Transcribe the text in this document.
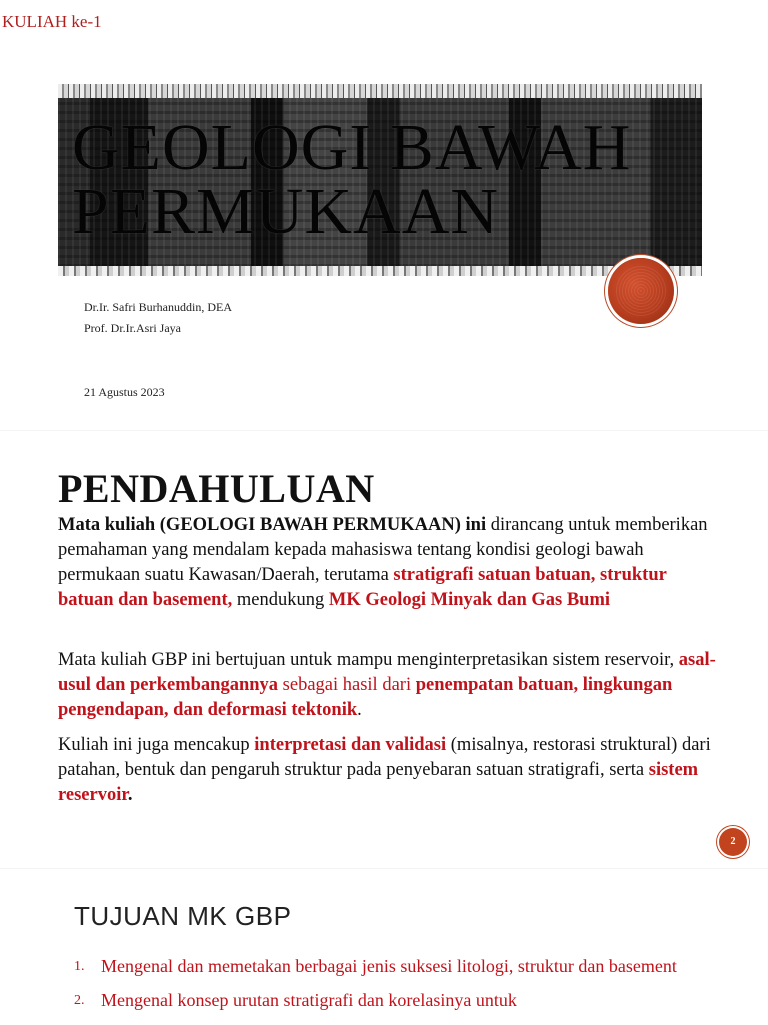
KULIAH ke-1
GEOLOGI BAWAH
PERMUKAAN
Dr.Ir. Safri Burhanuddin, DEA
Prof. Dr.Ir.Asri Jaya
21 Agustus 2023
PENDAHULUAN
Mata kuliah (GEOLOGI BAWAH PERMUKAAN) ini dirancang untuk memberikan pemahaman yang mendalam kepada mahasiswa tentang kondisi geologi bawah permukaan suatu Kawasan/Daerah, terutama stratigrafi satuan batuan, struktur batuan dan basement, mendukung MK Geologi Minyak dan Gas Bumi
Mata kuliah GBP ini bertujuan untuk mampu menginterpretasikan sistem reservoir, asal-usul dan perkembangannya sebagai hasil dari penempatan batuan, lingkungan pengendapan, dan deformasi tektonik.
Kuliah ini juga mencakup interpretasi dan validasi (misalnya, restorasi struktural) dari patahan, bentuk dan pengaruh struktur pada penyebaran satuan stratigrafi, serta sistem reservoir.
2
TUJUAN MK GBP
1. Mengenal dan memetakan berbagai jenis suksesi litologi, struktur dan basement
2. Mengenal konsep urutan stratigrafi dan korelasinya untuk
